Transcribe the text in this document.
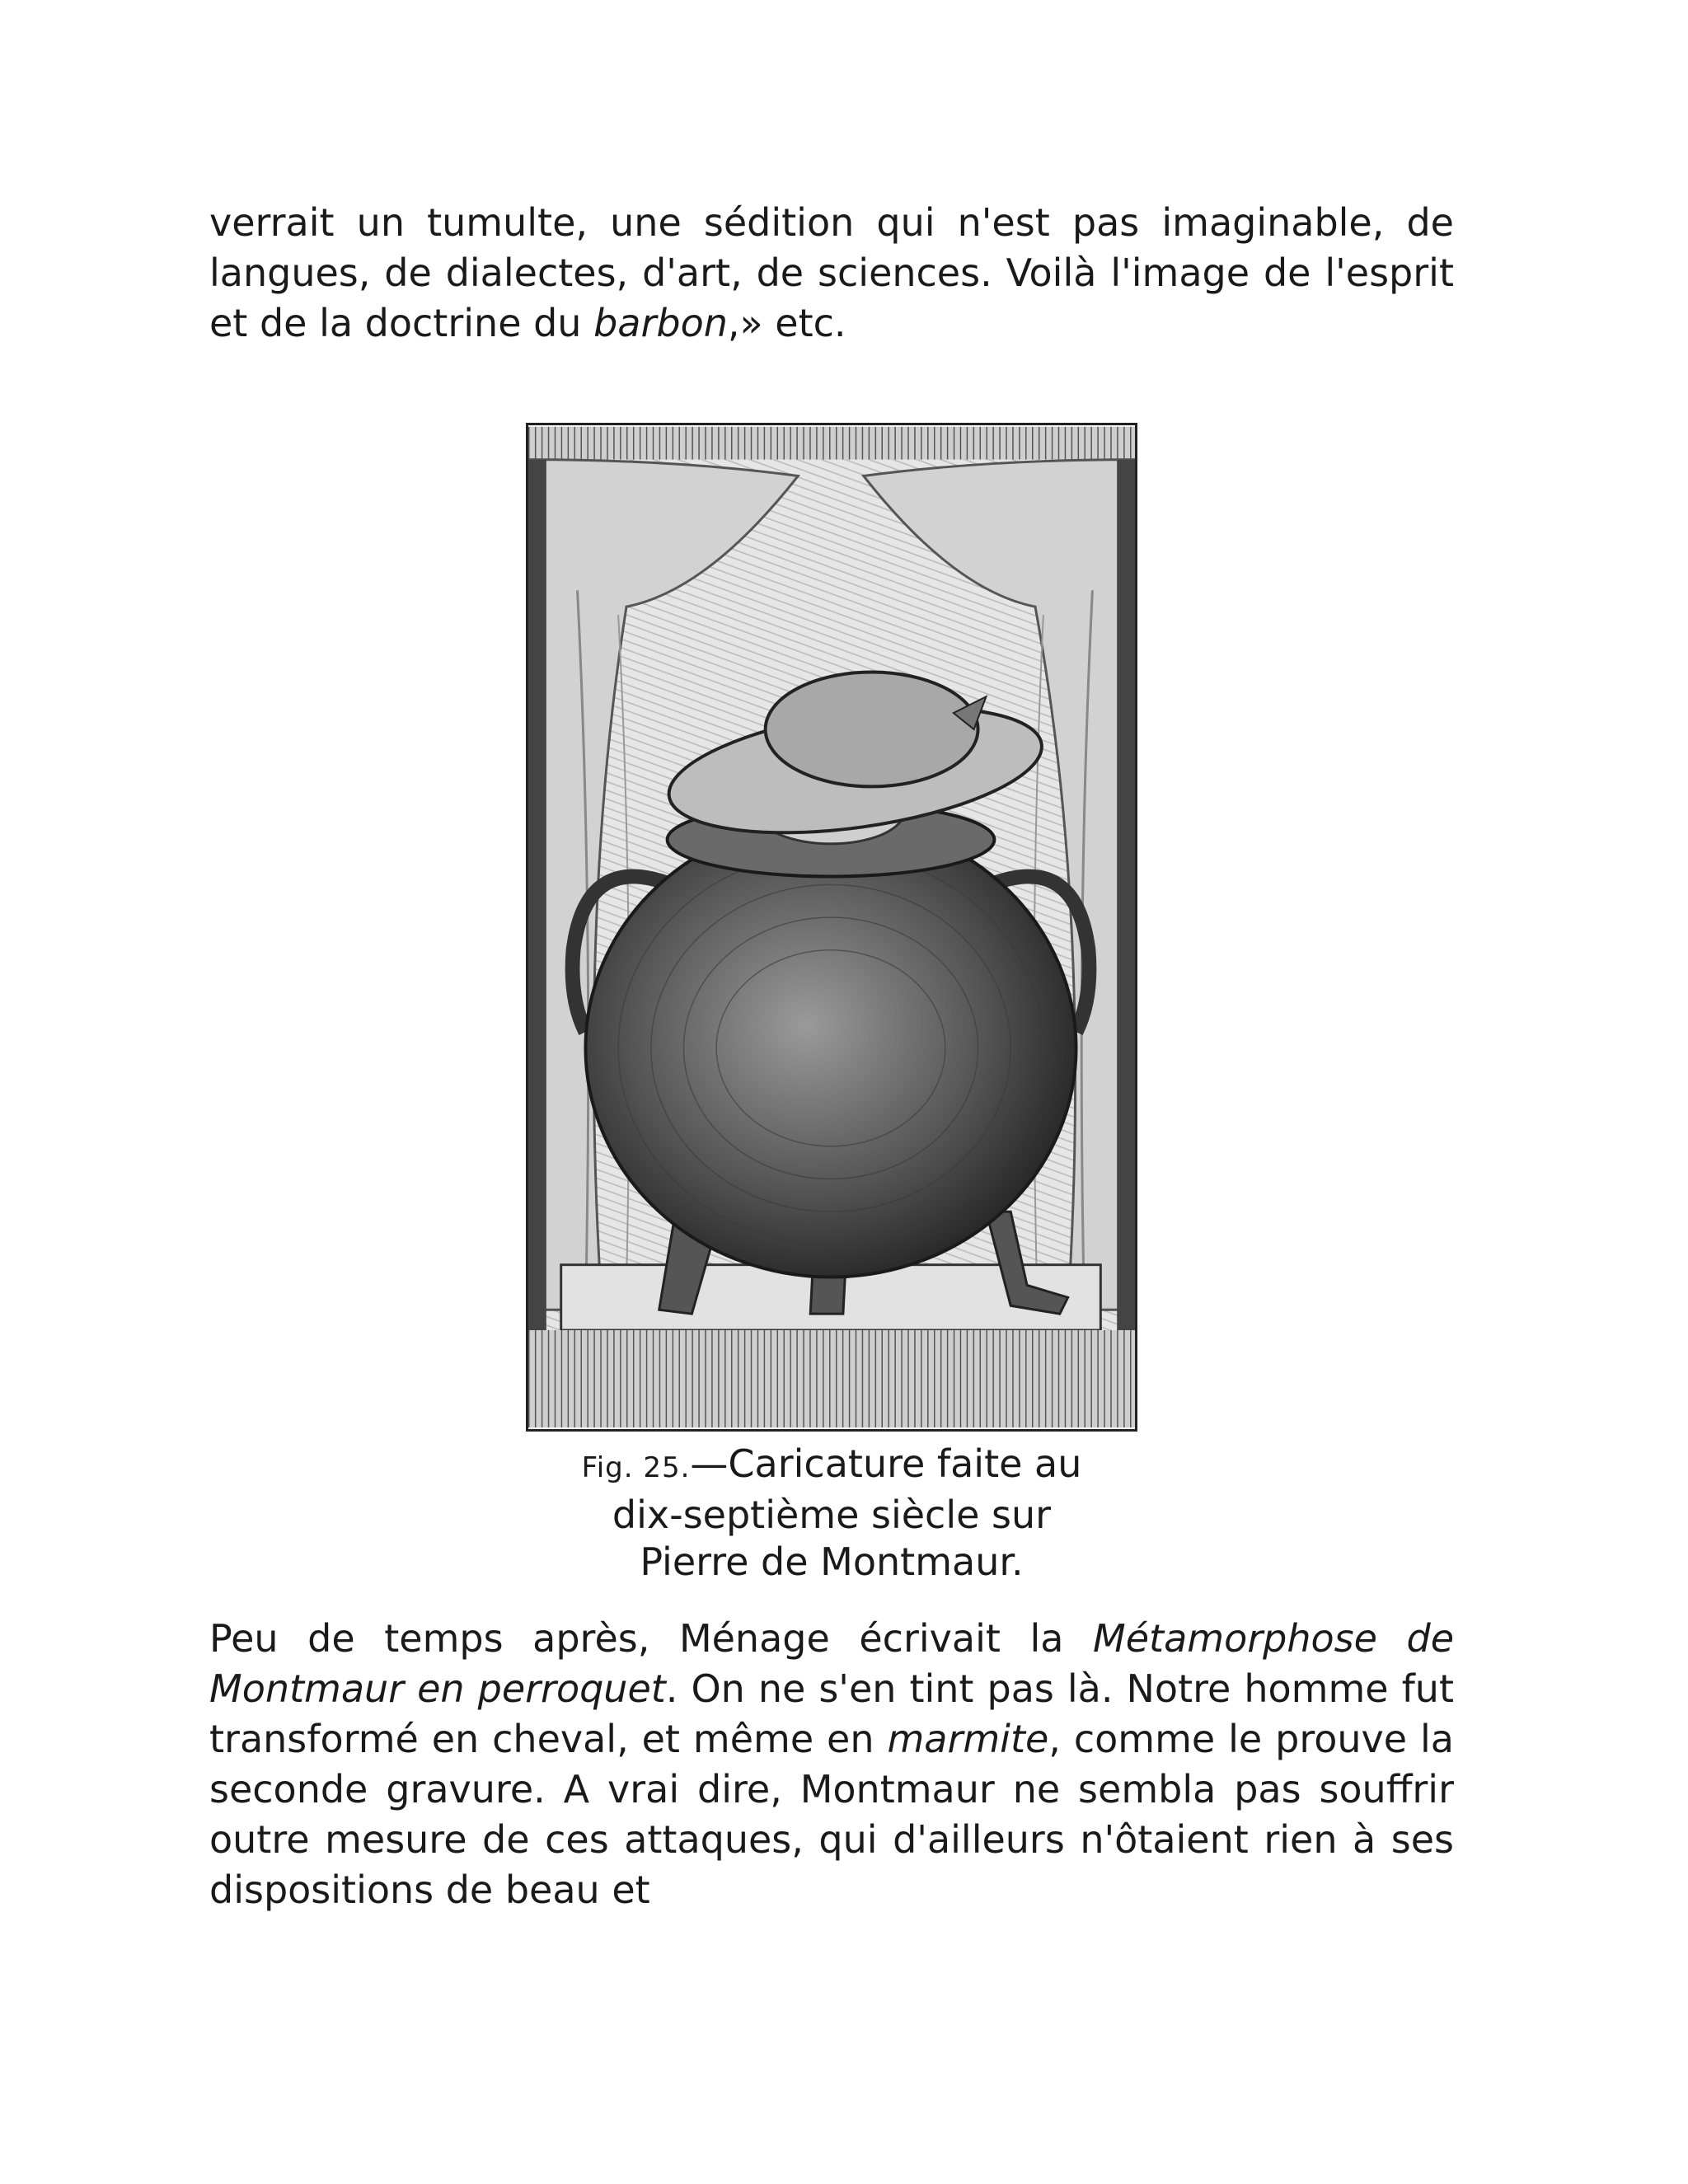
verrait un tumulte, une sédition qui n'est pas imaginable, de langues, de dialectes, d'art, de sciences. Voilà l'image de l'esprit et de la doctrine du barbon,» etc.

Fig. 25.—Caricature faite au
dix-septième siècle sur
Pierre de Montmaur.

Peu de temps après, Ménage écrivait la Métamorphose de Montmaur en perroquet. On ne s'en tint pas là. Notre homme fut transformé en cheval, et même en marmite, comme le prouve la seconde gravure. A vrai dire, Montmaur ne sembla pas souffrir outre mesure de ces attaques, qui d'ailleurs n'ôtaient rien à ses dispositions de beau et
